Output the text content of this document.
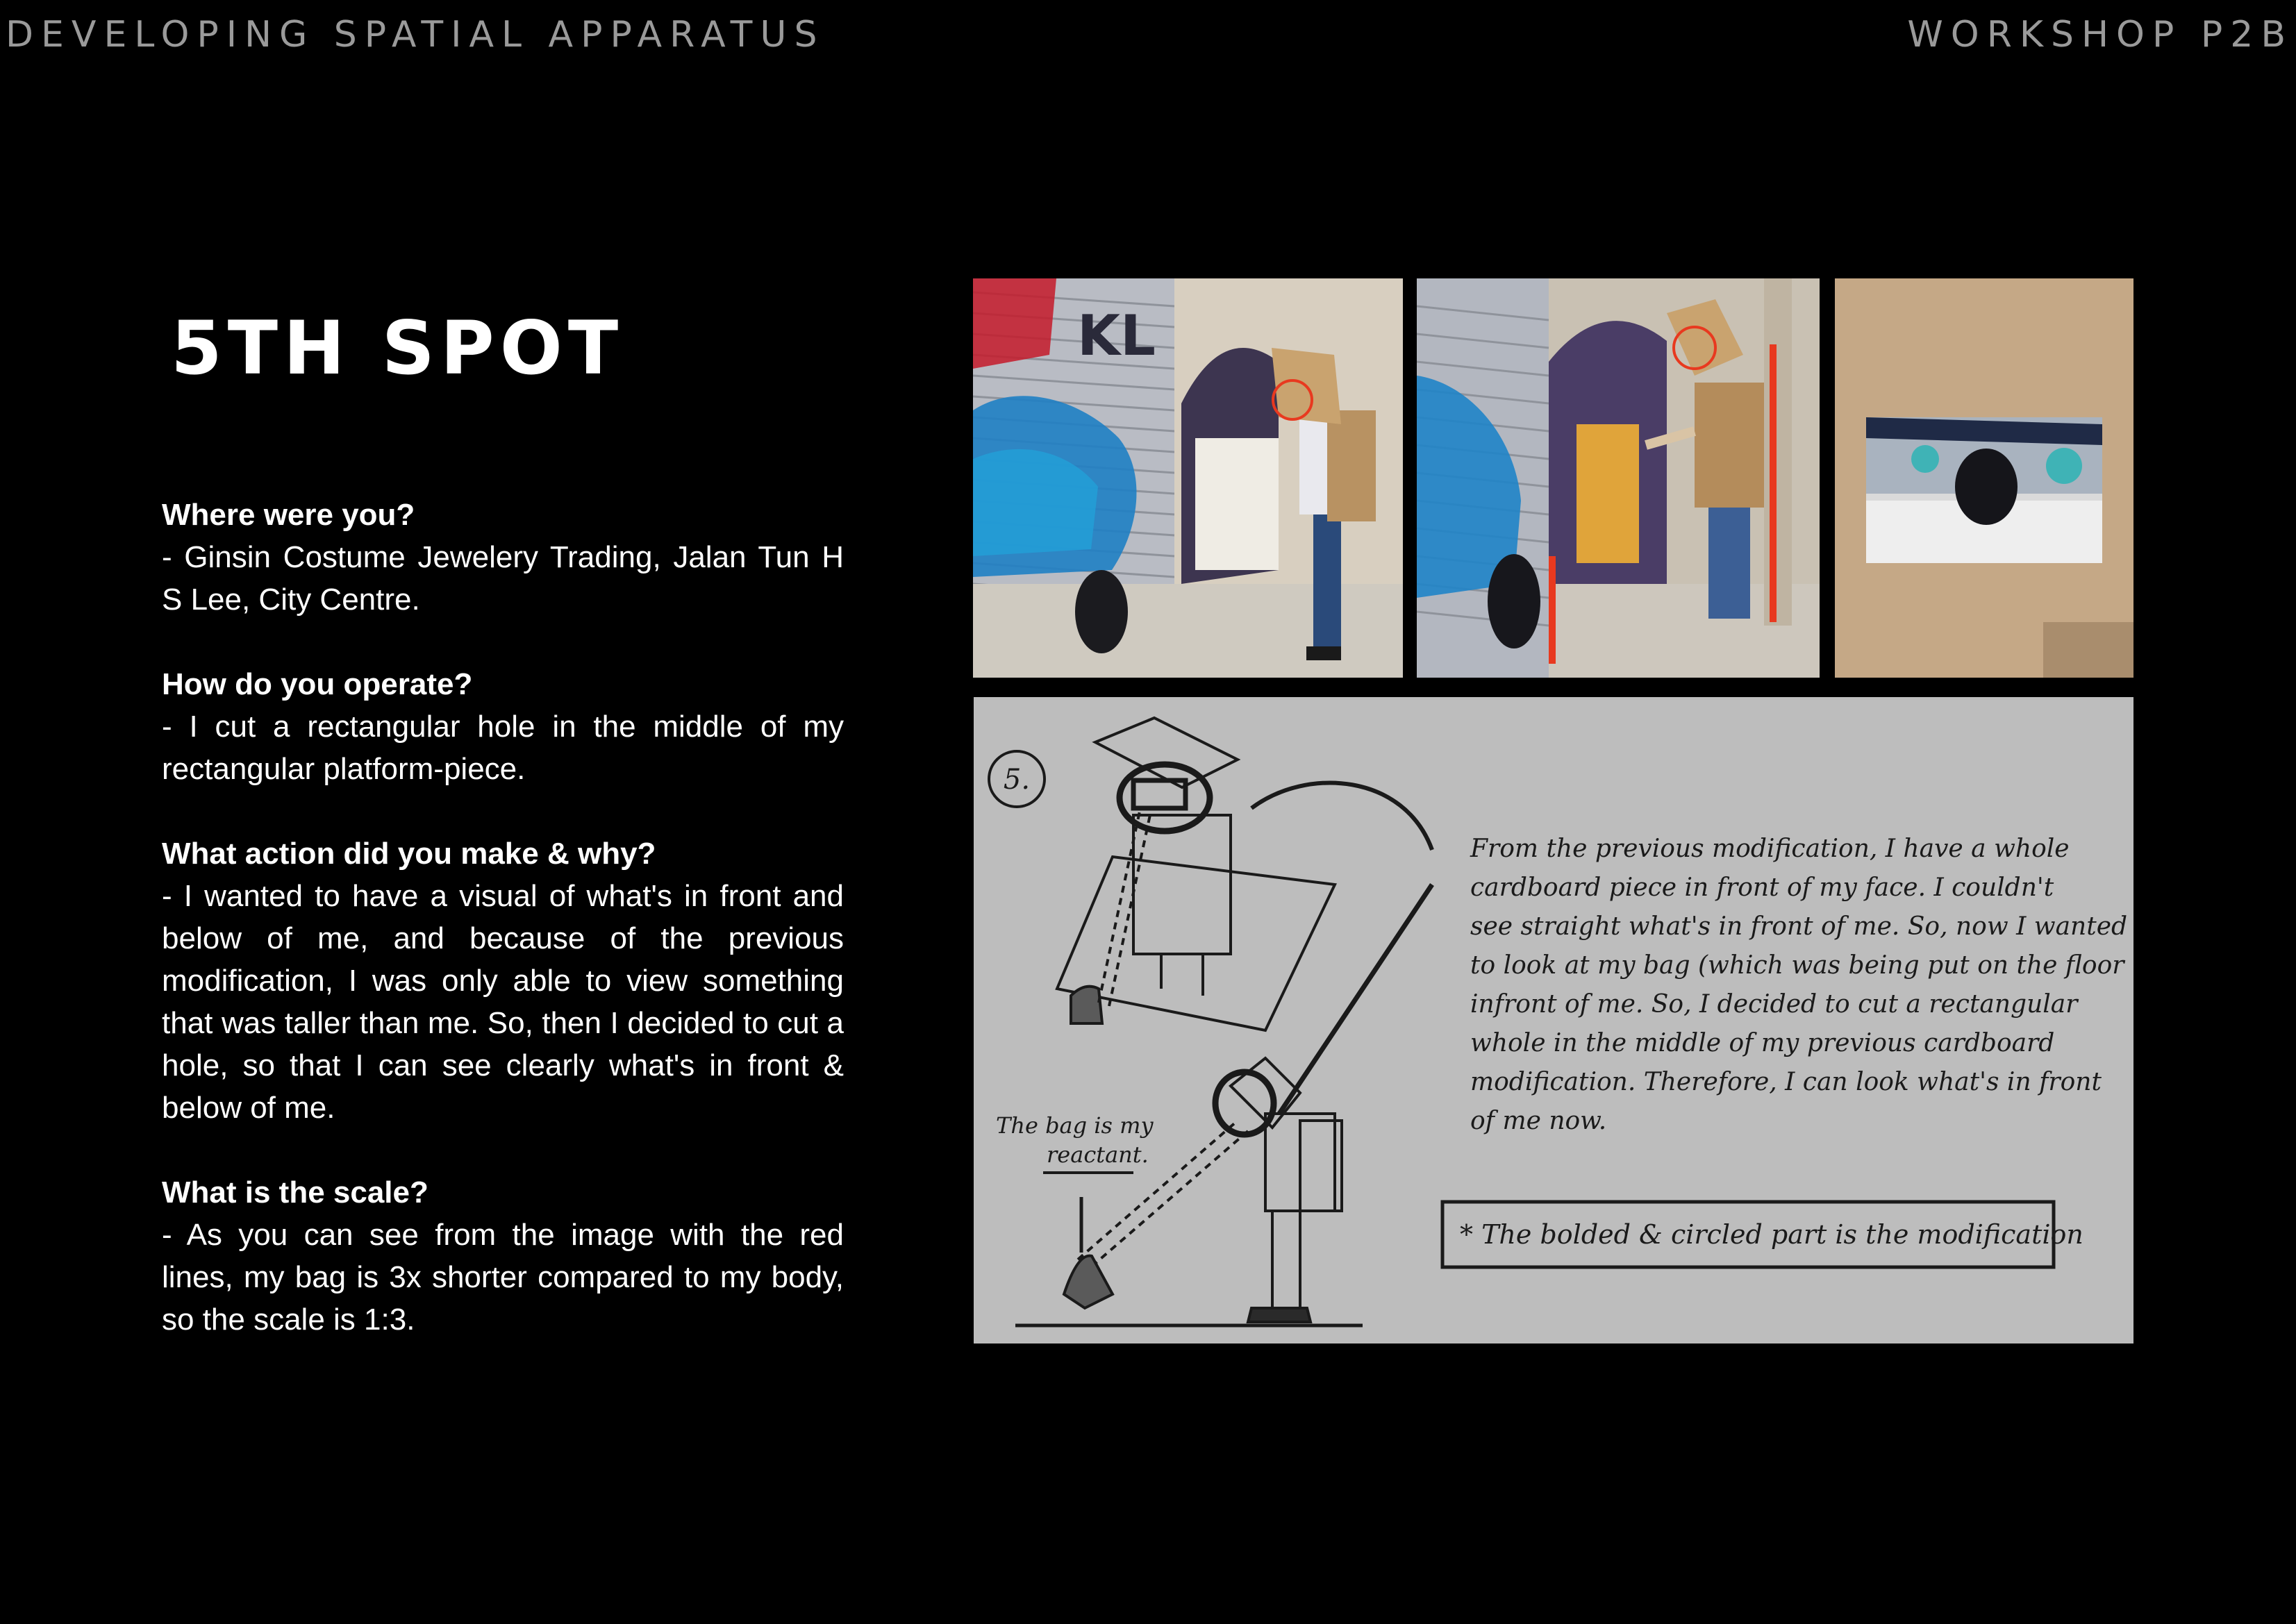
DEVELOPING SPATIAL APPARATUS	WORKSHOP P2B
5TH SPOT
Where were you?
- Ginsin Costume Jewelery Trading, Jalan Tun H S Lee, City Centre.
How do you operate?
- I cut a rectangular hole in the middle of my rectangular platform-piece.
What action did you make & why?
- I wanted to have a visual of what's in front and below of me, and because of the previous modification, I was only able to view something that was taller than me. So, then I decided to cut a hole, so that I can see clearly what's in front & below of me.
What is the scale?
- As you can see from the image with the red lines, my bag is 3x shorter compared to my body, so the scale is 1:3.
KL
5.
The bag is my
reactant.
From the previous modification, I have a whole
cardboard piece in front of my face. I couldn't
see straight what's in front of me. So, now I wanted
to look at my bag (which was being put on the floor
infront of me. So, I decided to cut a rectangular
whole in the middle of my previous cardboard
modification. Therefore, I can look what's in front
of me now.
* The bolded & circled part is the modification
